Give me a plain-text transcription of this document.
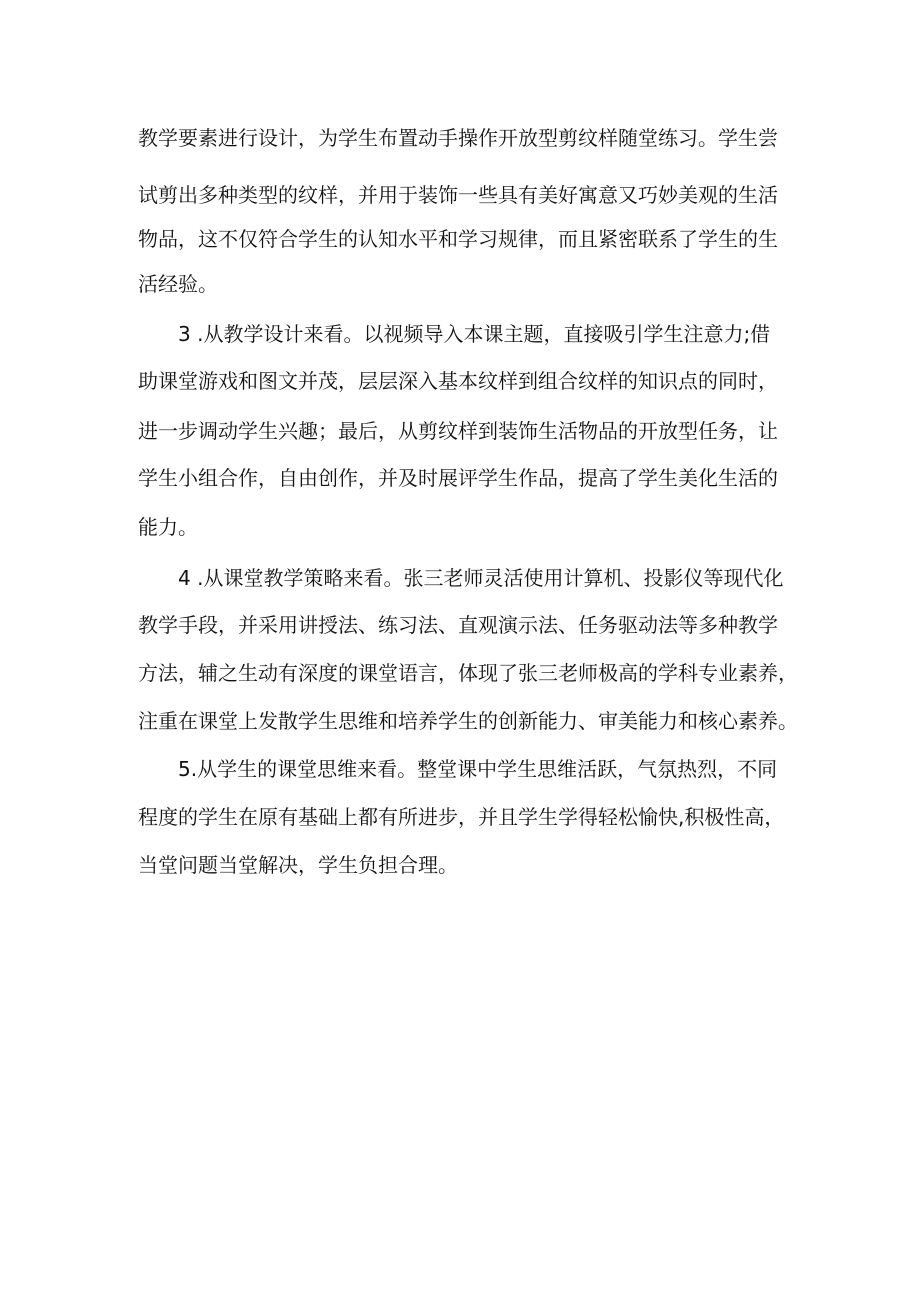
教学要素进行设计，为学生布置动手操作开放型剪纹样随堂练习。学生尝

试剪出多种类型的纹样，并用于装饰一些具有美好寓意又巧妙美观的生活

物品，这不仅符合学生的认知水平和学习规律，而且紧密联系了学生的生

活经验。

3 .从教学设计来看。以视频导入本课主题，直接吸引学生注意力;借

助课堂游戏和图文并茂，层层深入基本纹样到组合纹样的知识点的同时，

进一步调动学生兴趣；最后，从剪纹样到装饰生活物品的开放型任务，让

学生小组合作，自由创作，并及时展评学生作品，提高了学生美化生活的

能力。

4 .从课堂教学策略来看。张三老师灵活使用计算机、投影仪等现代化

教学手段，并采用讲授法、练习法、直观演示法、任务驱动法等多种教学

方法，辅之生动有深度的课堂语言，体现了张三老师极高的学科专业素养，

注重在课堂上发散学生思维和培养学生的创新能力、审美能力和核心素养。

5.从学生的课堂思维来看。整堂课中学生思维活跃，气氛热烈，不同

程度的学生在原有基础上都有所进步，并且学生学得轻松愉快,积极性高，

当堂问题当堂解决，学生负担合理。
